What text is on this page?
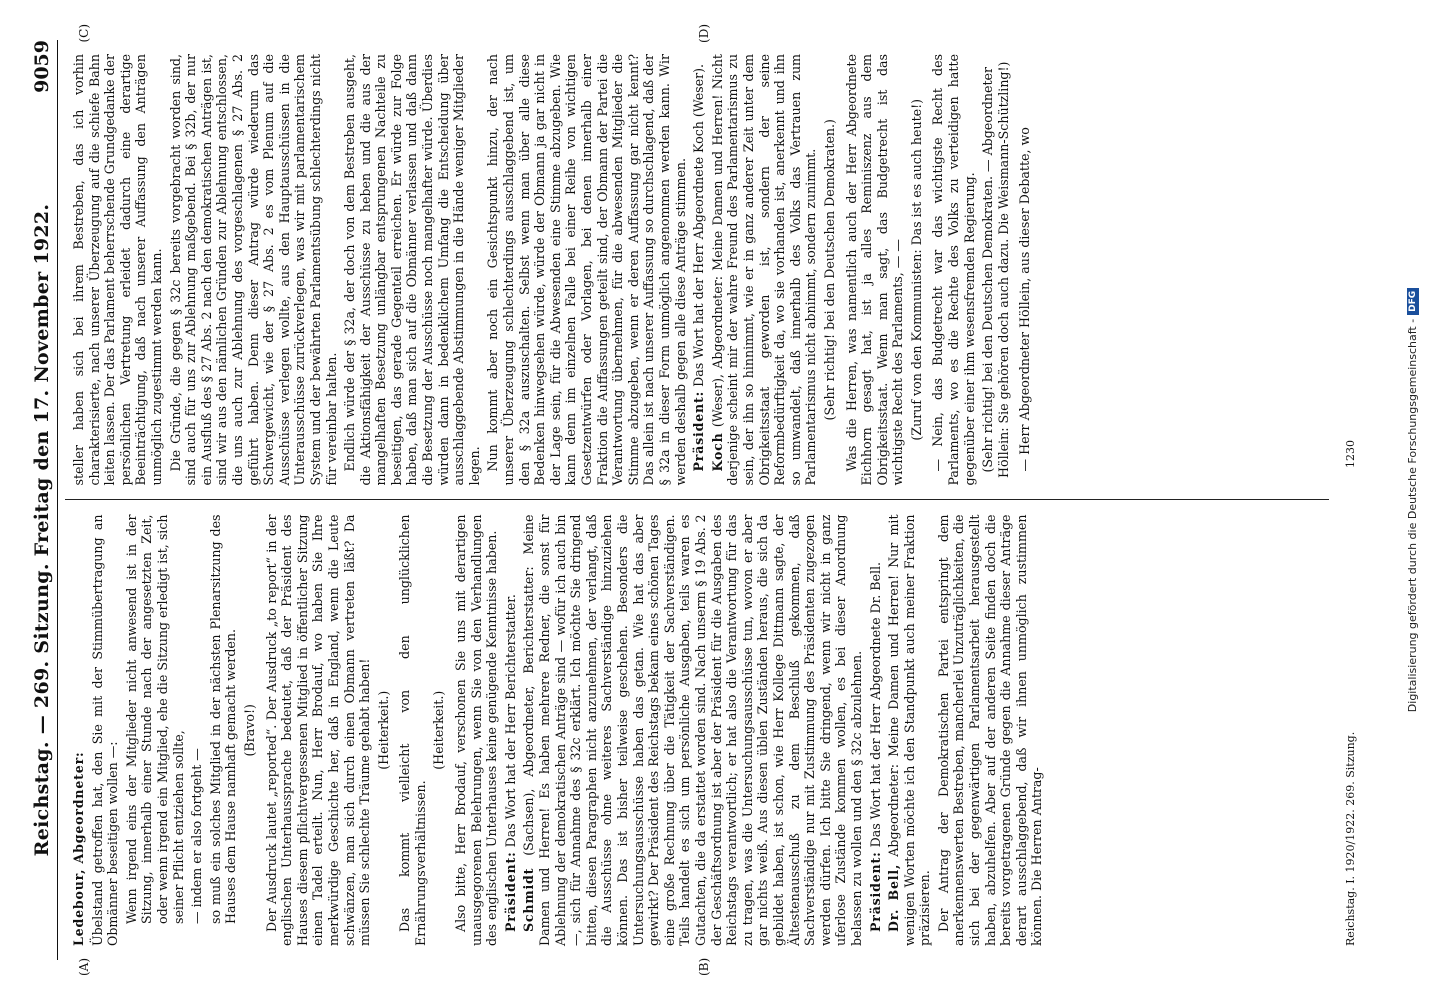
Reichstag. — 269. Sitzung. Freitag den 17. November 1922.
9059
(A)	(B)
(C)	(D)

Ledebour, Abgeordneter: Übelstand getroffen hat, den Sie mit der Stimmübertragung an Obmänner beseitigen wollen —: Wenn irgend eins der Mitglieder nicht anwesend ist in der Sitzung, innerhalb einer Stunde nach der angesetzten Zeit, oder wenn irgend ein Mitglied, ehe die Sitzung erledigt ist, sich seiner Pflicht entziehen sollte, — indem er also fortgeht — so muß ein solches Mitglied in der nächsten Plenarsitzung des Hauses dem Hause namhaft gemacht werden. (Bravo!) Der Ausdruck lautet „reported“. Der Ausdruck „to report“ in der englischen Unterhaussprache bedeutet, daß der Präsident des Hauses diesem pflichtvergessenen Mitglied in öffentlicher Sitzung einen Tadel erteilt. Nun, Herr Brodauf, wo haben Sie Ihre merkwürdige Geschichte her, daß in England, wenn die Leute schwänzen, man sich durch einen Obmann vertreten läßt? Da müssen Sie schlechte Träume gehabt haben! (Heiterkeit.) Das kommt vielleicht von den unglücklichen Ernährungsverhältnissen.

(Heiterkeit.) Also bitte, Herr Brodauf, verschonen Sie uns mit derartigen unausgegorenen Belehrungen, wenn Sie von den Verhandlungen des englischen Unterhauses keine genügende Kenntnisse haben. Präsident: Das Wort hat der Herr Berichterstatter.

Schmidt (Sachsen), Abgeordneter, Berichterstatter: Meine Damen und Herren! Es haben mehrere Redner, die sonst für Ablehnung der demokratischen Anträge sind — wofür ich auch bin —, sich für Annahme des § 32c erklärt. Ich möchte Sie dringend bitten, diesen Paragraphen nicht anzunehmen, der verlangt, daß die Ausschüsse ohne weiteres Sachverständige hinzuziehen können. Das ist bisher teilweise geschehen. Besonders die Untersuchungsausschüsse haben das getan. Wie hat das aber gewirkt? Der Präsident des Reichstags bekam eines schönen Tages eine große Rechnung über die Tätigkeit der Sachverständigen. Teils handelt es sich um persönliche Ausgaben, teils waren es Gutachten, die da erstattet worden sind. Nach unserm § 19 Abs. 2 der Geschäftsordnung ist aber der Präsident für die Ausgaben des Reichstags verantwortlich; er hat also die Verantwortung für das zu tragen, was die Untersuchungsausschüsse tun, wovon er aber gar nichts weiß. Aus diesen üblen Zuständen heraus, die sich da gebildet haben, ist schon, wie Herr Kollege Dittmann sagte, der Ältestenausschuß zu dem Beschluß gekommen, daß Sachverständige nur mit Zustimmung des Präsidenten zugezogen werden dürfen. Ich bitte Sie dringend, wenn wir nicht in ganz uferlose Zustände kommen wollen, es bei dieser Anordnung belassen zu wollen und den § 32c abzulehnen. Präsident: Das Wort hat der Herr Abgeordnete Dr. Bell.

Dr. Bell, Abgeordneter: Meine Damen und Herren! Nur mit wenigen Worten möchte ich den Standpunkt auch meiner Fraktion präzisieren. Der Antrag der Demokratischen Partei entspringt dem anerkennenswerten Bestreben, mancherlei Unzuträglichkeiten, die sich bei der gegenwärtigen Parlamentsarbeit herausgestellt haben, abzuhelfen. Aber auf der anderen Seite finden doch die bereits vorgetragenen Gründe gegen die Annahme dieser Anträge derart ausschlaggebend, daß wir ihnen unmöglich zustimmen können. Die Herren Antrag-

steller haben sich bei ihrem Bestreben, das ich vorhin charakterisierte, nach unserer Überzeugung auf die schiefe Bahn leiten lassen. Der das Parlament beherrschende Grundgedanke der persönlichen Vertretung erleidet dadurch eine derartige Beeinträchtigung, daß nach unserer Auffassung den Anträgen unmöglich zugestimmt werden kann. Die Gründe, die gegen § 32c bereits vorgebracht worden sind, sind auch für uns zur Ablehnung maßgebend. Bei § 32b, der nur ein Ausfluß des § 27 Abs. 2 nach den demokratischen Anträgen ist, sind wir aus den nämlichen Gründen zur Ablehnung entschlossen, die uns auch zur Ablehnung des vorgeschlagenen § 27 Abs. 2 geführt haben. Denn dieser Antrag würde wiederum das Schwergewicht, wie der § 27 Abs. 2 es vom Plenum auf die Ausschüsse verlegen wollte, aus den Hauptausschüssen in die Unterausschüsse zurückverlegen, was wir mit parlamentarischem System und der bewährten Parlamentsübung schlechterdings nicht für vereinbar halten. Endlich würde der § 32a, der doch von dem Bestreben ausgeht, die Aktionsfähigkeit der Ausschüsse zu heben und die aus der mangelhaften Besetzung unlängbar entsprungenen Nachteile zu beseitigen, das gerade Gegenteil erreichen. Er würde zur Folge haben, daß man sich auf die Obmänner verlassen und daß dann die Besetzung der Ausschüsse noch mangelhafter würde. Überdies würden dann in bedenklichem Umfang die Entscheidung über ausschlaggebende Abstimmungen in die Hände weniger Mitglieder legen. Nun kommt aber noch ein Gesichtspunkt hinzu, der nach unserer Überzeugung schlechterdings ausschlaggebend ist, um den § 32a auszuschalten. Selbst wenn man über alle diese Bedenken hinwegsehen würde, würde der Obmann ja gar nicht in der Lage sein, für die Abwesenden eine Stimme abzugeben. Wie kann denn im einzelnen Falle bei einer Reihe von wichtigen Gesetzentwürfen oder Vorlagen, bei denen innerhalb einer Fraktion die Auffassungen geteilt sind, der Obmann der Partei die Verantwortung übernehmen, für die abwesenden Mitglieder die Stimme abzugeben, wenn er deren Auffassung gar nicht kennt? Das allein ist nach unserer Auffassung so durchschlagend, daß der § 32a in dieser Form unmöglich angenommen werden kann. Wir werden deshalb gegen alle diese Anträge stimmen. Präsident: Das Wort hat der Herr Abgeordnete Koch (Weser).

Koch (Weser), Abgeordneter: Meine Damen und Herren! Nicht derjenige scheint mir der wahre Freund des Parlamentarismus zu sein, der ihn so hinnimmt, wie er in ganz anderer Zeit unter dem Obrigkeitsstaat geworden ist, sondern der seine Reformbedürftigkeit da, wo sie vorhanden ist, anerkennt und ihn so umwandelt, daß innerhalb des Volks das Vertrauen zum Parlamentarismus nicht abnimmt, sondern zunimmt. (Sehr richtig! bei den Deutschen Demokraten.) Was die Herren, was namentlich auch der Herr Abgeordnete Eichhorn gesagt hat, ist ja alles Reminiszenz aus dem Obrigkeitsstaat. Wenn man sagt, das Budgetrecht ist das wichtigste Recht des Parlaments, — — (Zuruf von den Kommunisten: Das ist es auch heute!) — Nein, das Budgetrecht war das wichtigste Recht des Parlaments, wo es die Rechte des Volks zu verteidigen hatte gegenüber einer ihm wesensfremden Regierung. (Sehr richtig! bei den Deutschen Demokraten. — Abgeordneter Höllein: Sie gehören doch auch dazu. Die Weismann-Schützling!) — Herr Abgeordneter Höllein, aus dieser Debatte, wo

Reichstag. I. 1920/1922. 269. Sitzung.
1230	Digitalisierung gefördert durch die Deutsche Forschungsgemeinschaft -
DFG
